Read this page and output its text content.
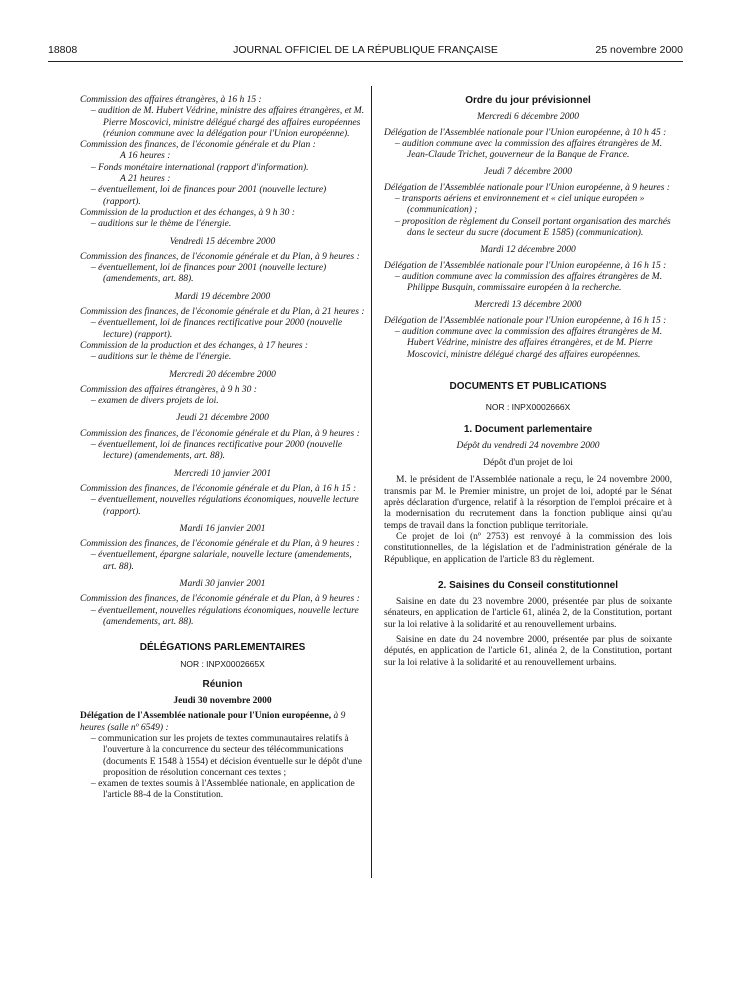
18808	JOURNAL OFFICIEL DE LA RÉPUBLIQUE FRANÇAISE	25 novembre 2000

Commission des affaires étrangères, à 16 h 15 :

– audition de M. Hubert Védrine, ministre des affaires étrangères, et M. Pierre Moscovici, ministre délégué chargé des affaires européennes (réunion commune avec la délégation pour l'Union européenne).

Commission des finances, de l'économie générale et du Plan :

A 16 heures :

– Fonds monétaire international (rapport d'information).

A 21 heures :

– éventuellement, loi de finances pour 2001 (nouvelle lecture) (rapport).

Commission de la production et des échanges, à 9 h 30 :

– auditions sur le thème de l'énergie.

Vendredi 15 décembre 2000

Commission des finances, de l'économie générale et du Plan, à 9 heures :

– éventuellement, loi de finances pour 2001 (nouvelle lecture) (amendements, art. 88).

Mardi 19 décembre 2000

Commission des finances, de l'économie générale et du Plan, à 21 heures :

– éventuellement, loi de finances rectificative pour 2000 (nouvelle lecture) (rapport).

Commission de la production et des échanges, à 17 heures :

– auditions sur le thème de l'énergie.

Mercredi 20 décembre 2000

Commission des affaires étrangères, à 9 h 30 :

– examen de divers projets de loi.

Jeudi 21 décembre 2000

Commission des finances, de l'économie générale et du Plan, à 9 heures :

– éventuellement, loi de finances rectificative pour 2000 (nouvelle lecture) (amendements, art. 88).

Mercredi 10 janvier 2001

Commission des finances, de l'économie générale et du Plan, à 16 h 15 :

– éventuellement, nouvelles régulations économiques, nouvelle lecture (rapport).

Mardi 16 janvier 2001

Commission des finances, de l'économie générale et du Plan, à 9 heures :

– éventuellement, épargne salariale, nouvelle lecture (amendements, art. 88).

Mardi 30 janvier 2001

Commission des finances, de l'économie générale et du Plan, à 9 heures :

– éventuellement, nouvelles régulations économiques, nouvelle lecture (amendements, art. 88).

DÉLÉGATIONS PARLEMENTAIRES

NOR : INPX0002665X

Réunion

Jeudi 30 novembre 2000

Délégation de l'Assemblée nationale pour l'Union européenne, à 9 heures (salle nº 6549) :

– communication sur les projets de textes communautaires relatifs à l'ouverture à la concurrence du secteur des télécommunications (documents E 1548 à 1554) et décision éventuelle sur le dépôt d'une proposition de résolution concernant ces textes ;

– examen de textes soumis à l'Assemblée nationale, en application de l'article 88-4 de la Constitution.

Ordre du jour prévisionnel

Mercredi 6 décembre 2000

Délégation de l'Assemblée nationale pour l'Union européenne, à 10 h 45 :

– audition commune avec la commission des affaires étrangères de M. Jean-Claude Trichet, gouverneur de la Banque de France.

Jeudi 7 décembre 2000

Délégation de l'Assemblée nationale pour l'Union européenne, à 9 heures :

– transports aériens et environnement et « ciel unique européen » (communication) ;

– proposition de règlement du Conseil portant organisation des marchés dans le secteur du sucre (document E 1585) (communication).

Mardi 12 décembre 2000

Délégation de l'Assemblée nationale pour l'Union européenne, à 16 h 15 :

– audition commune avec la commission des affaires étrangères de M. Philippe Busquin, commissaire européen à la recherche.

Mercredi 13 décembre 2000

Délégation de l'Assemblée nationale pour l'Union européenne, à 16 h 15 :

– audition commune avec la commission des affaires étrangères de M. Hubert Védrine, ministre des affaires étrangères, et de M. Pierre Moscovici, ministre délégué chargé des affaires européennes.

DOCUMENTS ET PUBLICATIONS

NOR : INPX0002666X

1. Document parlementaire

Dépôt du vendredi 24 novembre 2000

Dépôt d'un projet de loi

M. le président de l'Assemblée nationale a reçu, le 24 novembre 2000, transmis par M. le Premier ministre, un projet de loi, adopté par le Sénat après déclaration d'urgence, relatif à la résorption de l'emploi précaire et à la modernisation du recrutement dans la fonction publique ainsi qu'au temps de travail dans la fonction publique territoriale.

Ce projet de loi (nº 2753) est renvoyé à la commission des lois constitutionnelles, de la législation et de l'administration générale de la République, en application de l'article 83 du règlement.

2. Saisines du Conseil constitutionnel

Saisine en date du 23 novembre 2000, présentée par plus de soixante sénateurs, en application de l'article 61, alinéa 2, de la Constitution, portant sur la loi relative à la solidarité et au renouvellement urbains.

Saisine en date du 24 novembre 2000, présentée par plus de soixante députés, en application de l'article 61, alinéa 2, de la Constitution, portant sur la loi relative à la solidarité et au renouvellement urbains.
